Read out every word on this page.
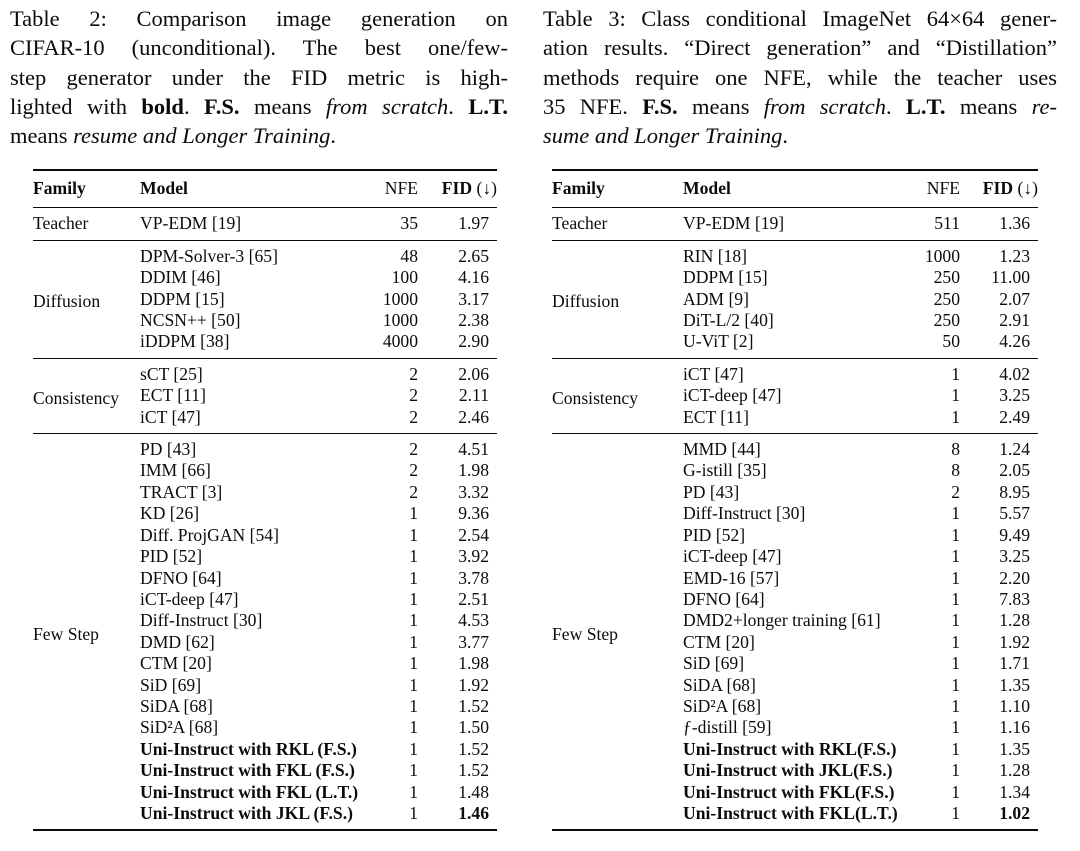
Table 2: Comparison image generation on
CIFAR-10 (unconditional). The best one/few-
step generator under the FID metric is high-
lighted with bold. F.S. means from scratch. L.T.
means resume and Longer Training.
Table 3: Class conditional ImageNet 64×64 gener-
ation results. “Direct generation” and “Distillation”
methods require one NFE, while the teacher uses
35 NFE. F.S. means from scratch. L.T. means re-
sume and Longer Training.
Family	Model	NFE	FID (↓)
Teacher	VP-EDM [19]	35	1.97
Diffusion	DPM-Solver-3 [65]	48	2.65
	DDIM [46]	100	4.16
	DDPM [15]	1000	3.17
	NCSN++ [50]	1000	2.38
	iDDPM [38]	4000	2.90
Consistency	sCT [25]	2	2.06
	ECT [11]	2	2.11
	iCT [47]	2	2.46
Few Step	PD [43]	2	4.51
	IMM [66]	2	1.98
	TRACT [3]	2	3.32
	KD [26]	1	9.36
	Diff. ProjGAN [54]	1	2.54
	PID [52]	1	3.92
	DFNO [64]	1	3.78
	iCT-deep [47]	1	2.51
	Diff-Instruct [30]	1	4.53
	DMD [62]	1	3.77
	CTM [20]	1	1.98
	SiD [69]	1	1.92
	SiDA [68]	1	1.52
	SiD²A [68]	1	1.50
	Uni-Instruct with RKL (F.S.)	1	1.52
	Uni-Instruct with FKL (F.S.)	1	1.52
	Uni-Instruct with FKL (L.T.)	1	1.48
	Uni-Instruct with JKL (F.S.)	1	1.46
Family	Model	NFE	FID (↓)
Teacher	VP-EDM [19]	511	1.36
Diffusion	RIN [18]	1000	1.23
	DDPM [15]	250	11.00
	ADM [9]	250	2.07
	DiT-L/2 [40]	250	2.91
	U-ViT [2]	50	4.26
Consistency	iCT [47]	1	4.02
	iCT-deep [47]	1	3.25
	ECT [11]	1	2.49
Few Step	MMD [44]	8	1.24
	G-istill [35]	8	2.05
	PD [43]	2	8.95
	Diff-Instruct [30]	1	5.57
	PID [52]	1	9.49
	iCT-deep [47]	1	3.25
	EMD-16 [57]	1	2.20
	DFNO [64]	1	7.83
	DMD2+longer training [61]	1	1.28
	CTM [20]	1	1.92
	SiD [69]	1	1.71
	SiDA [68]	1	1.35
	SiD²A [68]	1	1.10
	ƒ-distill [59]	1	1.16
	Uni-Instruct with RKL(F.S.)	1	1.35
	Uni-Instruct with JKL(F.S.)	1	1.28
	Uni-Instruct with FKL(F.S.)	1	1.34
	Uni-Instruct with FKL(L.T.)	1	1.02
